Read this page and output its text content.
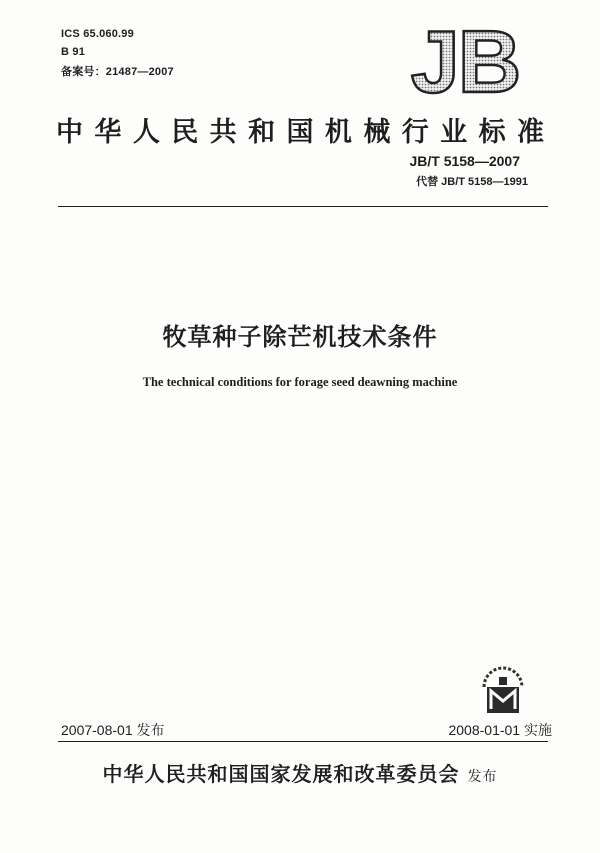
ICS 65.060.99
B 91
备案号：21487—2007	JB
中华人民共和国机械行业标准
JB/T 5158—2007
代替 JB/T 5158—1991
牧草种子除芒机技术条件
The technical conditions for forage seed deawning machine
2007-08-01 发布	2008-01-01 实施
中华人民共和国国家发展和改革委员会 发布
